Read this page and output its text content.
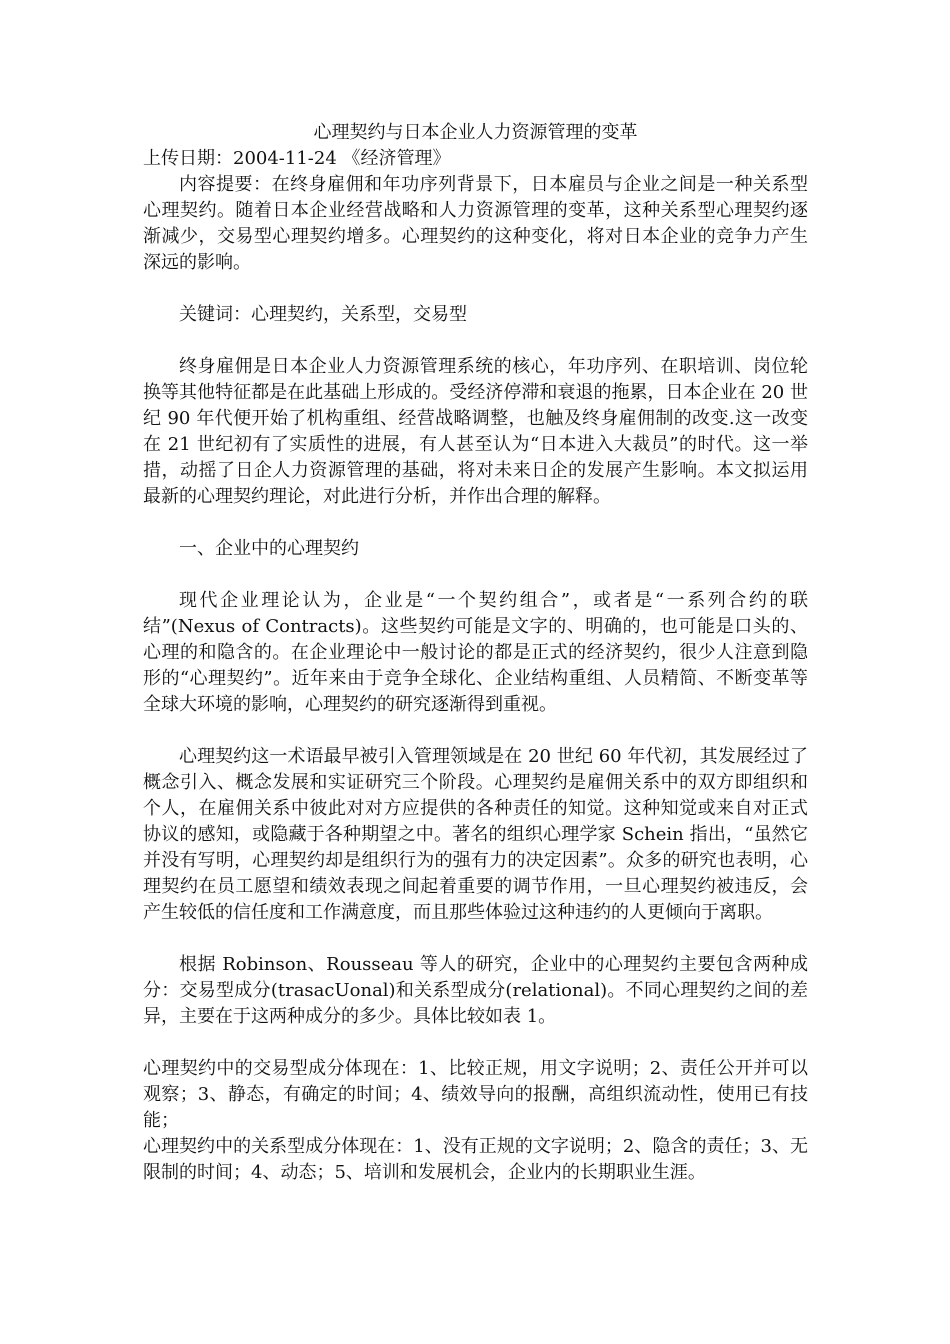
心理契约与日本企业人力资源管理的变革

上传日期：2004-11-24 《经济管理》

内容提要：在终身雇佣和年功序列背景下，日本雇员与企业之间是一种关系型心理契约。随着日本企业经营战略和人力资源管理的变革，这种关系型心理契约逐渐减少，交易型心理契约增多。心理契约的这种变化，将对日本企业的竞争力产生深远的影响。

关键词：心理契约，关系型，交易型

终身雇佣是日本企业人力资源管理系统的核心，年功序列、在职培训、岗位轮换等其他特征都是在此基础上形成的。受经济停滞和衰退的拖累，日本企业在 20 世纪 90 年代便开始了机构重组、经营战略调整，也触及终身雇佣制的改变.这一改变在 21 世纪初有了实质性的进展，有人甚至认为“日本进入大裁员”的时代。这一举措，动摇了日企人力资源管理的基础，将对未来日企的发展产生影响。本文拟运用最新的心理契约理论，对此进行分析，并作出合理的解释。

一、企业中的心理契约

现代企业理论认为，企业是“一个契约组合”，或者是“一系列合约的联结”(Nexus of Contracts)。这些契约可能是文字的、明确的，也可能是口头的、心理的和隐含的。在企业理论中一般讨论的都是正式的经济契约，很少人注意到隐形的“心理契约”。近年来由于竞争全球化、企业结构重组、人员精简、不断变革等全球大环境的影响，心理契约的研究逐渐得到重视。

心理契约这一术语最早被引入管理领域是在 20 世纪 60 年代初，其发展经过了概念引入、概念发展和实证研究三个阶段。心理契约是雇佣关系中的双方即组织和个人，在雇佣关系中彼此对对方应提供的各种责任的知觉。这种知觉或来自对正式协议的感知，或隐藏于各种期望之中。著名的组织心理学家 Schein 指出，“虽然它并没有写明，心理契约却是组织行为的强有力的决定因素”。众多的研究也表明，心理契约在员工愿望和绩效表现之间起着重要的调节作用，一旦心理契约被违反，会产生较低的信任度和工作满意度，而且那些体验过这种违约的人更倾向于离职。

根据 Robinson、Rousseau 等人的研究，企业中的心理契约主要包含两种成分：交易型成分(trasacUonal)和关系型成分(relational)。不同心理契约之间的差异，主要在于这两种成分的多少。具体比较如表 1。

心理契约中的交易型成分体现在：1、比较正规，用文字说明；2、责任公开并可以观察；3、静态，有确定的时间；4、绩效导向的报酬，高组织流动性，使用已有技能；

心理契约中的关系型成分体现在：1、没有正规的文字说明；2、隐含的责任；3、无限制的时间；4、动态；5、培训和发展机会，企业内的长期职业生涯。
